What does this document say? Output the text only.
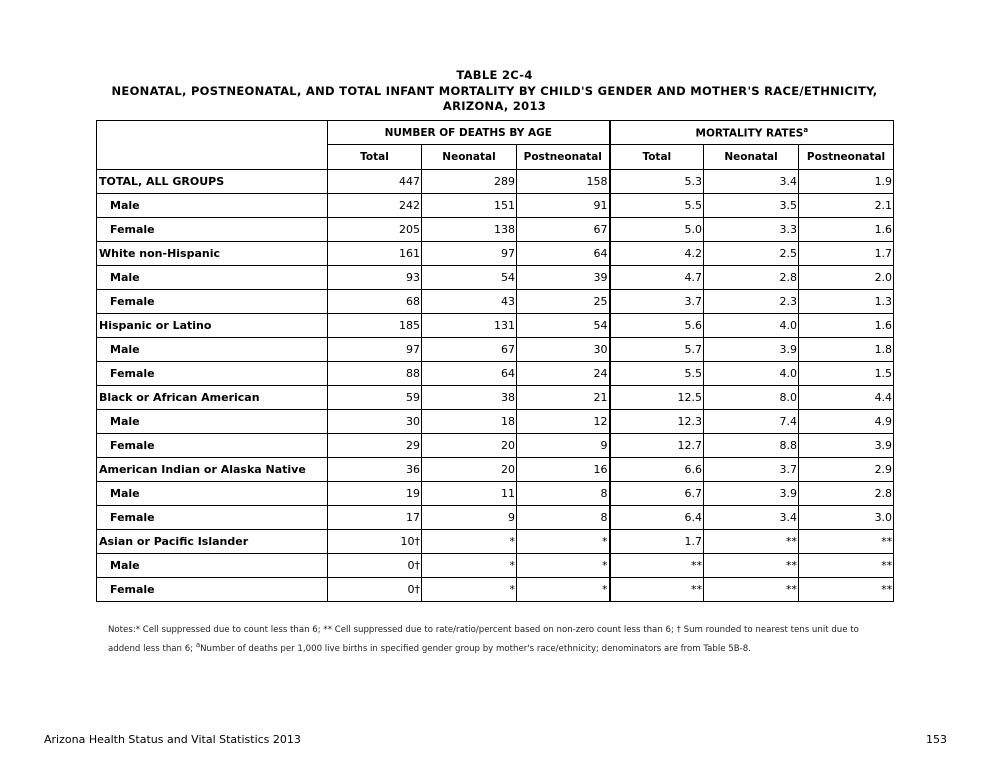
TABLE 2C-4
NEONATAL, POSTNEONATAL, AND TOTAL INFANT MORTALITY BY CHILD'S GENDER AND MOTHER'S RACE/ETHNICITY,
ARIZONA, 2013
	NUMBER OF DEATHS BY AGE			MORTALITY RATES$^a$
	Total	Neonatal	Postneonatal	Total	Neonatal	Postneonatal
TOTAL, ALL GROUPS	447	289	158	5.3	3.4	1.9
Male	242	151	91	5.5	3.5	2.1
Female	205	138	67	5.0	3.3	1.6
White non-Hispanic	161	97	64	4.2	2.5	1.7
Male	93	54	39	4.7	2.8	2.0
Female	68	43	25	3.7	2.3	1.3
Hispanic or Latino	185	131	54	5.6	4.0	1.6
Male	97	67	30	5.7	3.9	1.8
Female	88	64	24	5.5	4.0	1.5
Black or African American	59	38	21	12.5	8.0	4.4
Male	30	18	12	12.3	7.4	4.9
Female	29	20	9	12.7	8.8	3.9
American Indian or Alaska Native	36	20	16	6.6	3.7	2.9
Male	19	11	8	6.7	3.9	2.8
Female	17	9	8	6.4	3.4	3.0
Asian or Pacific Islander	10†	*	*	1.7	**	**
Male	0†	*	*	**	**	**
Female	0†	*	*	**	**	**
Notes:* Cell suppressed due to count less than 6; ** Cell suppressed due to rate/ratio/percent based on non-zero count less than 6; † Sum rounded to nearest tens unit due to
addend less than 6; $^a$Number of deaths per 1,000 live births in specified gender group by mother's race/ethnicity; denominators are from Table 5B-8.
Arizona Health Status and Vital Statistics 2013	153
